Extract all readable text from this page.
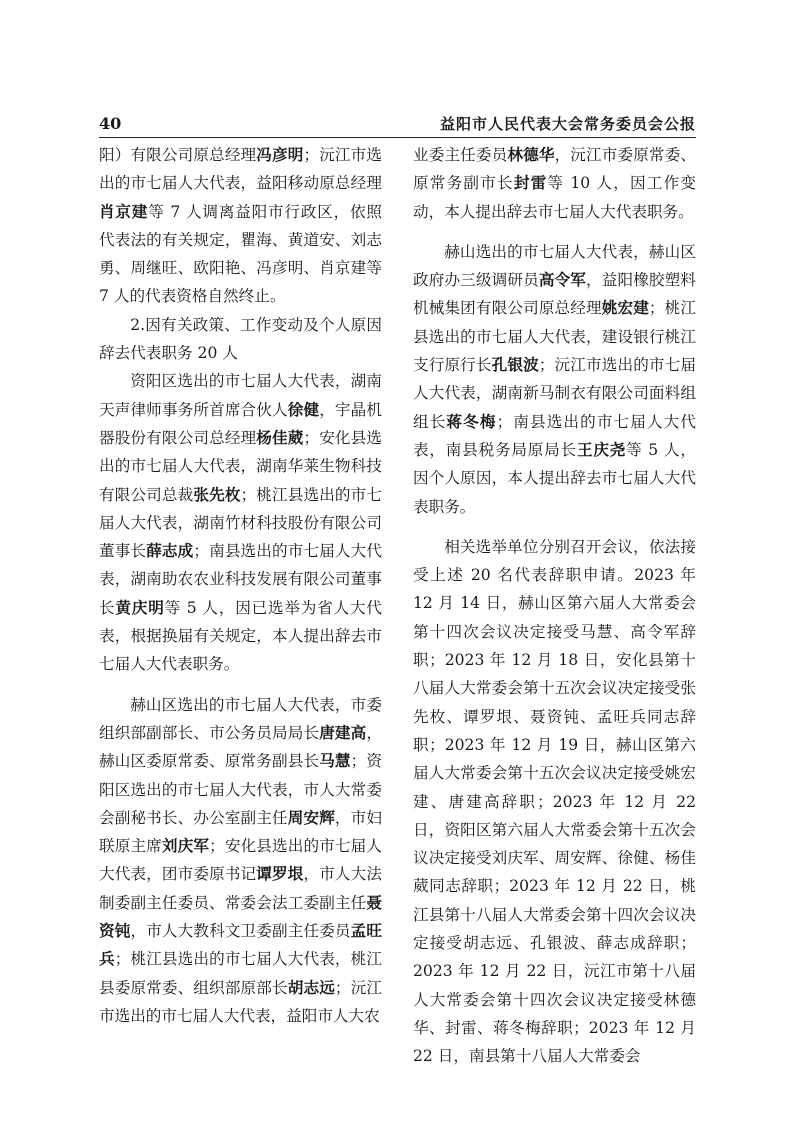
40	益阳市人民代表大会常务委员会公报

阳）有限公司原总经理冯彦明；沅江市选出的市七届人大代表，益阳移动原总经理肖京建等 7 人调离益阳市行政区，依照代表法的有关规定，瞿海、黄道安、刘志勇、周继旺、欧阳艳、冯彦明、肖京建等 7 人的代表资格自然终止。

2.因有关政策、工作变动及个人原因辞去代表职务 20 人

资阳区选出的市七届人大代表，湖南天声律师事务所首席合伙人徐健，宇晶机器股份有限公司总经理杨佳葳；安化县选出的市七届人大代表，湖南华莱生物科技有限公司总裁张先枚；桃江县选出的市七届人大代表，湖南竹材科技股份有限公司董事长薛志成；南县选出的市七届人大代表，湖南助农农业科技发展有限公司董事长黄庆明等 5 人，因已选举为省人大代表，根据换届有关规定，本人提出辞去市七届人大代表职务。

赫山区选出的市七届人大代表，市委组织部副部长、市公务员局局长唐建高，赫山区委原常委、原常务副县长马慧；资阳区选出的市七届人大代表，市人大常委会副秘书长、办公室副主任周安辉，市妇联原主席刘庆军；安化县选出的市七届人大代表，团市委原书记谭罗垠，市人大法制委副主任委员、常委会法工委副主任聂资钝，市人大教科文卫委副主任委员孟旺兵；桃江县选出的市七届人大代表，桃江县委原常委、组织部原部长胡志远；沅江市选出的市七届人大代表，益阳市人大农

业委主任委员林德华，沅江市委原常委、原常务副市长封雷等 10 人，因工作变动，本人提出辞去市七届人大代表职务。

赫山选出的市七届人大代表，赫山区政府办三级调研员高令军，益阳橡胶塑料机械集团有限公司原总经理姚宏建；桃江县选出的市七届人大代表，建设银行桃江支行原行长孔银波；沅江市选出的市七届人大代表，湖南新马制衣有限公司面料组组长蒋冬梅；南县选出的市七届人大代表，南县税务局原局长王庆尧等 5 人，因个人原因，本人提出辞去市七届人大代表职务。

相关选举单位分别召开会议，依法接受上述 20 名代表辞职申请。2023 年 12 月 14 日，赫山区第六届人大常委会第十四次会议决定接受马慧、高令军辞职；2023 年 12 月 18 日，安化县第十八届人大常委会第十五次会议决定接受张先枚、谭罗垠、聂资钝、孟旺兵同志辞职；2023 年 12 月 19 日，赫山区第六届人大常委会第十五次会议决定接受姚宏建、唐建高辞职；2023 年 12 月 22 日，资阳区第六届人大常委会第十五次会议决定接受刘庆军、周安辉、徐健、杨佳葳同志辞职；2023 年 12 月 22 日，桃江县第十八届人大常委会第十四次会议决定接受胡志远、孔银波、薛志成辞职；2023 年 12 月 22 日，沅江市第十八届人大常委会第十四次会议决定接受林德华、封雷、蒋冬梅辞职；2023 年 12 月 22 日，南县第十八届人大常委会
